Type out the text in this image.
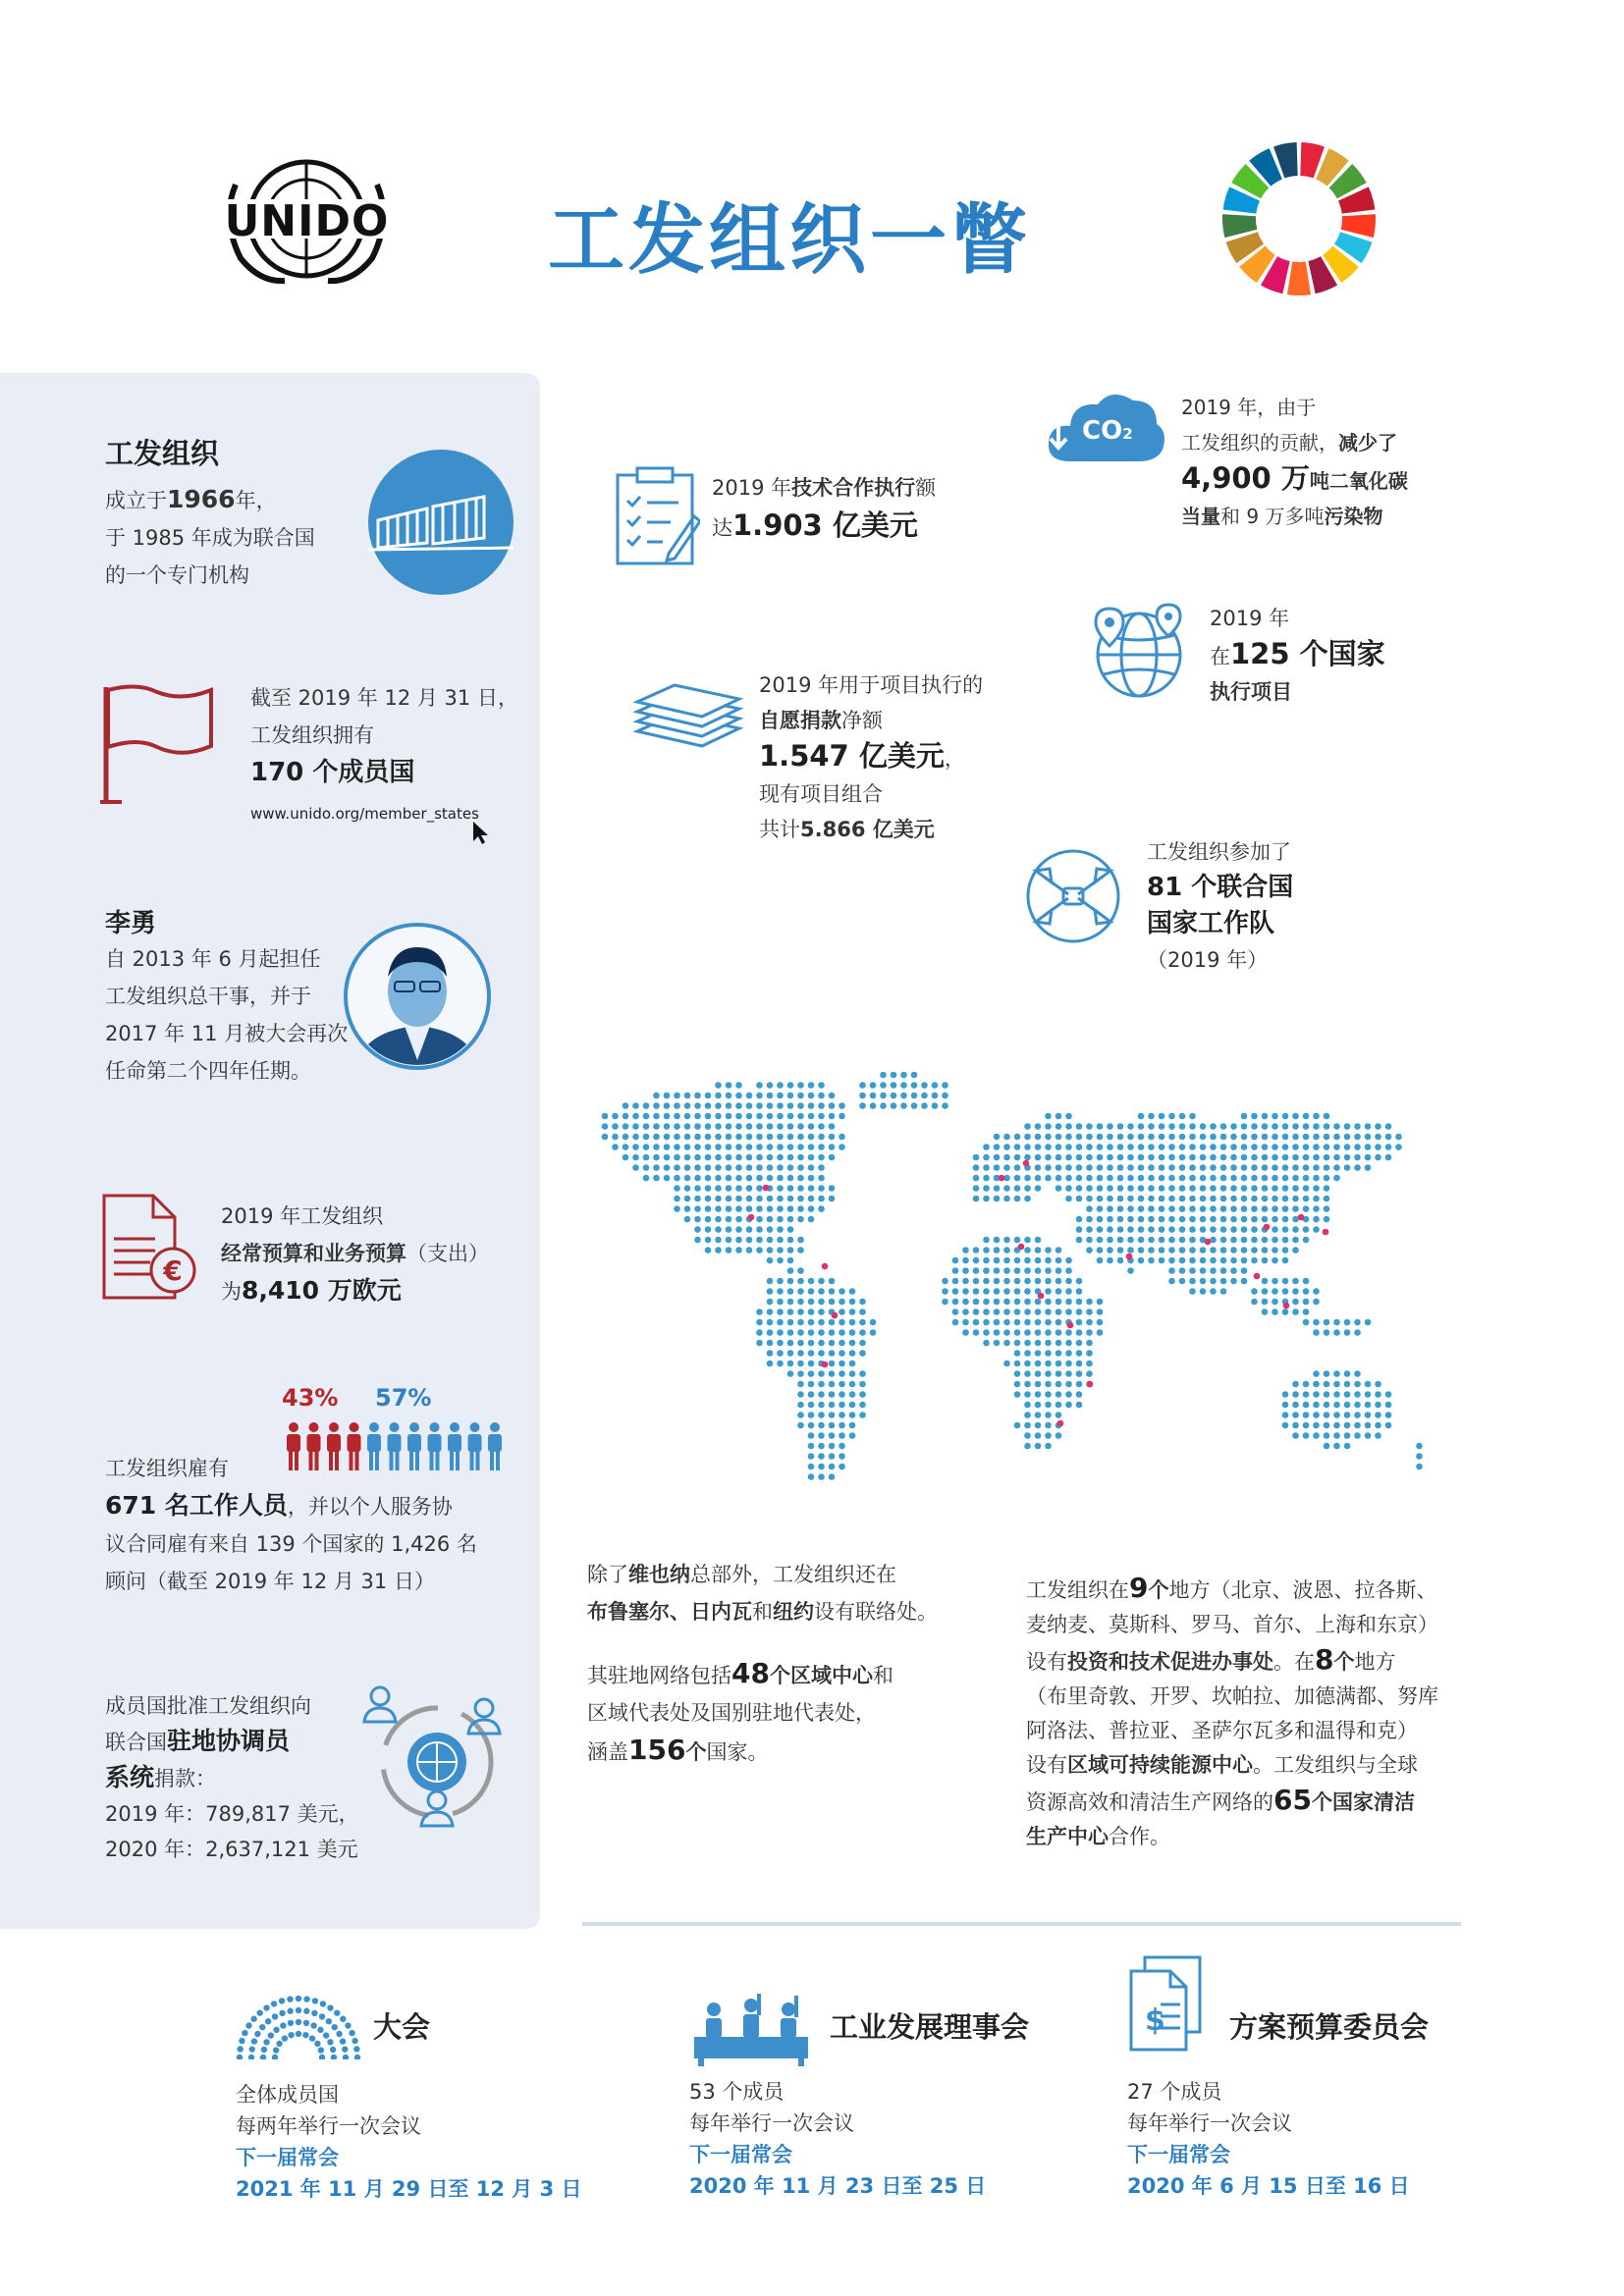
UNIDO 工发组织一瞥
工发组织
成立于1966年，
于 1985 年成为联合国
的一个专门机构
截至 2019 年 12 月 31 日，
工发组织拥有
170 个成员国
www.unido.org/member_states
李勇
自 2013 年 6 月起担任
工发组织总干事，并于
2017 年 11 月被大会再次
任命第二个四年任期。
€
2019 年工发组织
经常预算和业务预算（支出）
为8,410 万欧元
43% 57%
工发组织雇有
671 名工作人员，并以个人服务协
议合同雇有来自 139 个国家的 1,426 名
顾问（截至 2019 年 12 月 31 日）
成员国批准工发组织向
联合国驻地协调员
系统捐款：
2019 年：789,817 美元，
2020 年：2,637,121 美元
2019 年技术合作执行额
达1.903 亿美元
CO2
2019 年，由于
工发组织的贡献，减少了
4,900 万吨二氧化碳
当量和 9 万多吨污染物
2019 年
在125 个国家
执行项目
2019 年用于项目执行的
自愿捐款净额
1.547 亿美元，
现有项目组合
共计5.866 亿美元
工发组织参加了
81 个联合国
国家工作队
（2019 年）
除了维也纳总部外，工发组织还在
布鲁塞尔、日内瓦和纽约设有联络处。
其驻地网络包括48个区域中心和
区域代表处及国别驻地代表处，
涵盖156个国家。
工发组织在9个地方（北京、波恩、拉各斯、
麦纳麦、莫斯科、罗马、首尔、上海和东京）
设有投资和技术促进办事处。在8个地方
（布里奇敦、开罗、坎帕拉、加德满都、努库
阿洛法、普拉亚、圣萨尔瓦多和温得和克）
设有区域可持续能源中心。工发组织与全球
资源高效和清洁生产网络的65个国家清洁
生产中心合作。
大会
全体成员国
每两年举行一次会议
下一届常会
2021 年 11 月 29 日至 12 月 3 日
工业发展理事会
53 个成员
每年举行一次会议
下一届常会
2020 年 11 月 23 日至 25 日
$ 方案预算委员会
27 个成员
每年举行一次会议
下一届常会
2020 年 6 月 15 日至 16 日
